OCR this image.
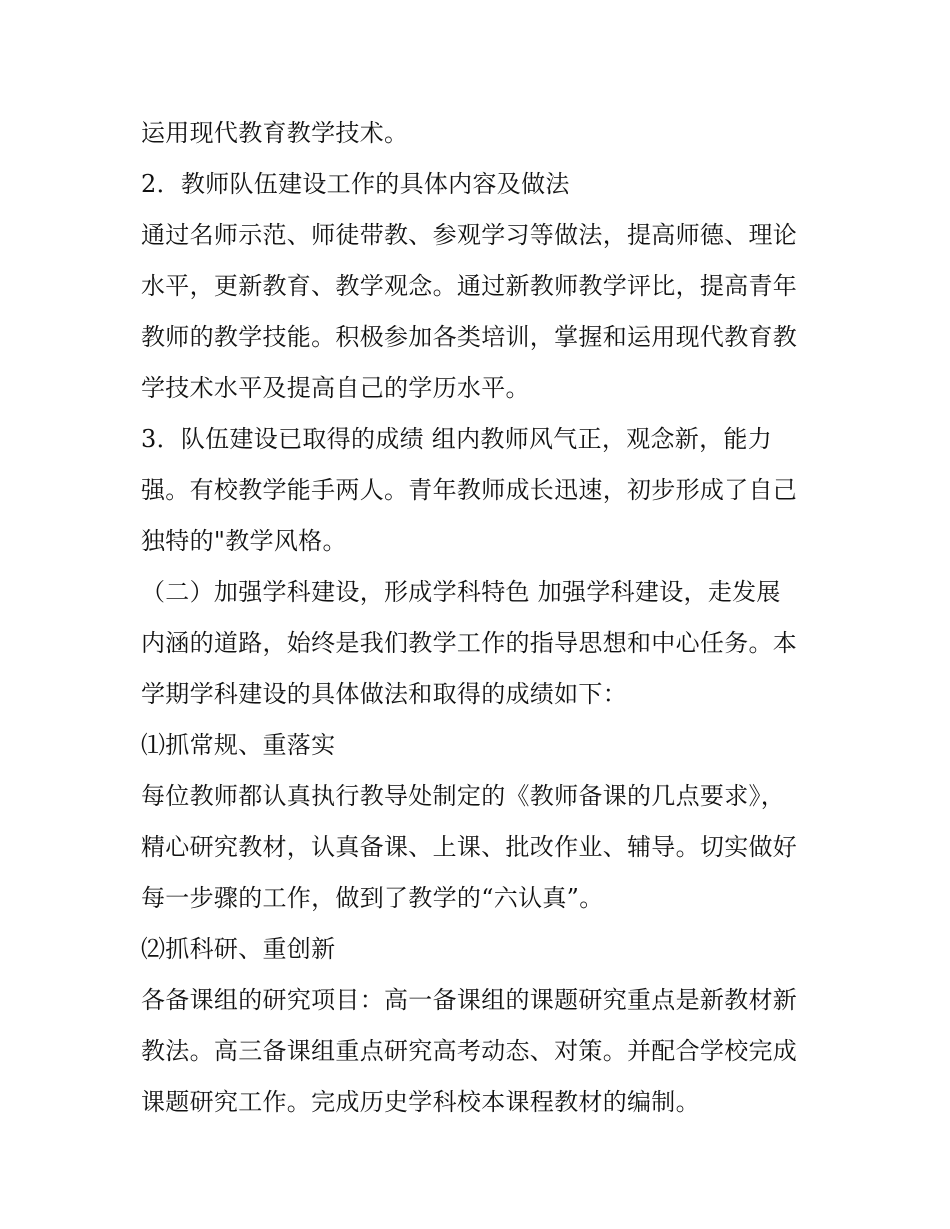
运用现代教育教学技术。
2．教师队伍建设工作的具体内容及做法
通过名师示范、师徒带教、参观学习等做法，提高师德、理论
水平，更新教育、教学观念。通过新教师教学评比，提高青年
教师的教学技能。积极参加各类培训，掌握和运用现代教育教
学技术水平及提高自己的学历水平。
3．队伍建设已取得的成绩 组内教师风气正，观念新，能力
强。有校教学能手两人。青年教师成长迅速，初步形成了自己
独特的"教学风格。
（二）加强学科建设，形成学科特色 加强学科建设，走发展
内涵的道路，始终是我们教学工作的指导思想和中心任务。本
学期学科建设的具体做法和取得的成绩如下：
⑴抓常规、重落实
每位教师都认真执行教导处制定的《教师备课的几点要求》，
精心研究教材，认真备课、上课、批改作业、辅导。切实做好
每一步骤的工作，做到了教学的“六认真”。
⑵抓科研、重创新
各备课组的研究项目：高一备课组的课题研究重点是新教材新
教法。高三备课组重点研究高考动态、对策。并配合学校完成
课题研究工作。完成历史学科校本课程教材的编制。
